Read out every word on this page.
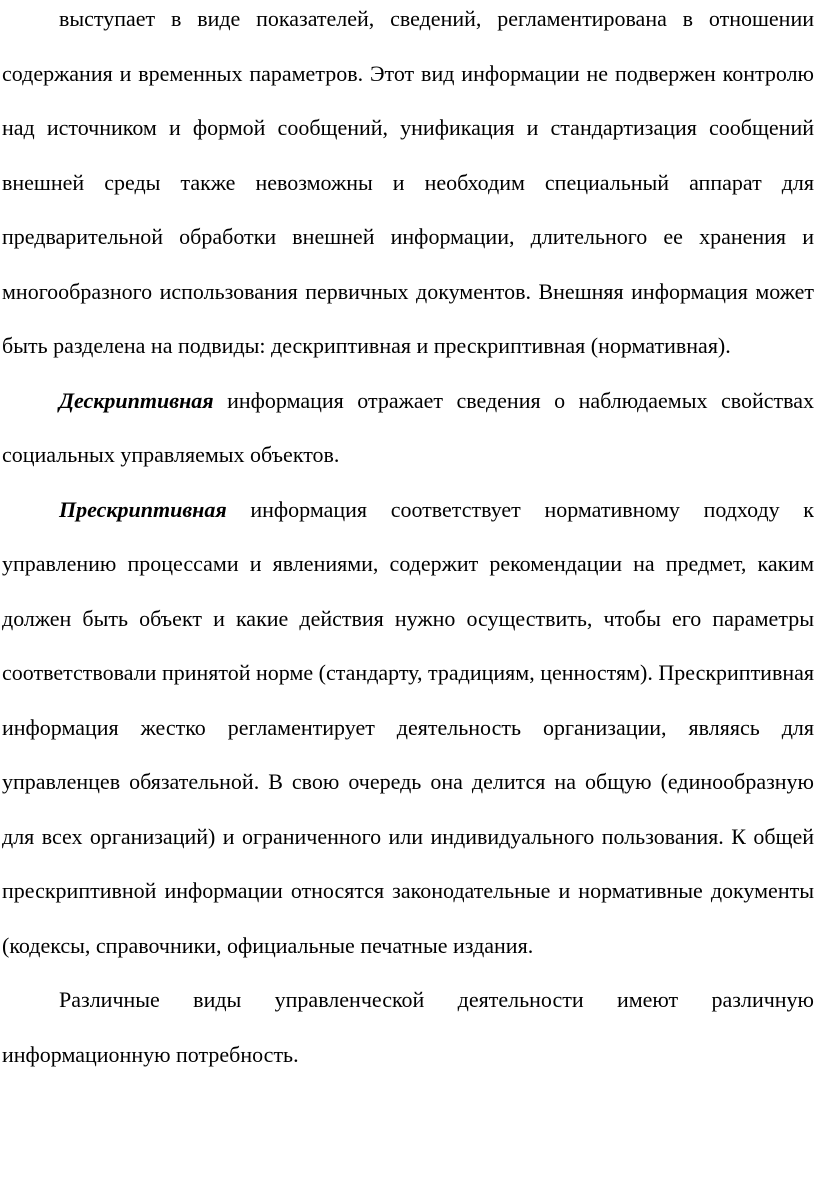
выступает в виде показателей, сведений, регламентирована в отношении содержания и временных параметров. Этот вид информации не подвержен контролю над источником и формой сообщений, унификация и стандартизация сообщений внешней среды также невозможны и необходим специальный аппарат для предварительной обработки внешней информации, длительного ее хранения и многообразного использования первичных документов. Внешняя информация может быть разделена на подвиды: дескриптивная и прескриптивная (нормативная).

Дескриптивная информация отражает сведения о наблюдаемых свойствах социальных управляемых объектов.

Прескриптивная информация соответствует нормативному подходу к управлению процессами и явлениями, содержит рекомендации на предмет, каким должен быть объект и какие действия нужно осуществить, чтобы его параметры соответствовали принятой норме (стандарту, традициям, ценностям). Прескриптивная информация жестко регламентирует деятельность организации, являясь для управленцев обязательной. В свою очередь она делится на общую (единообразную для всех организаций) и ограниченного или индивидуального пользования. К общей прескриптивной информации относятся законодательные и нормативные документы (кодексы, справочники, официальные печатные издания.

Различные виды управленческой деятельности имеют различную информационную потребность.
